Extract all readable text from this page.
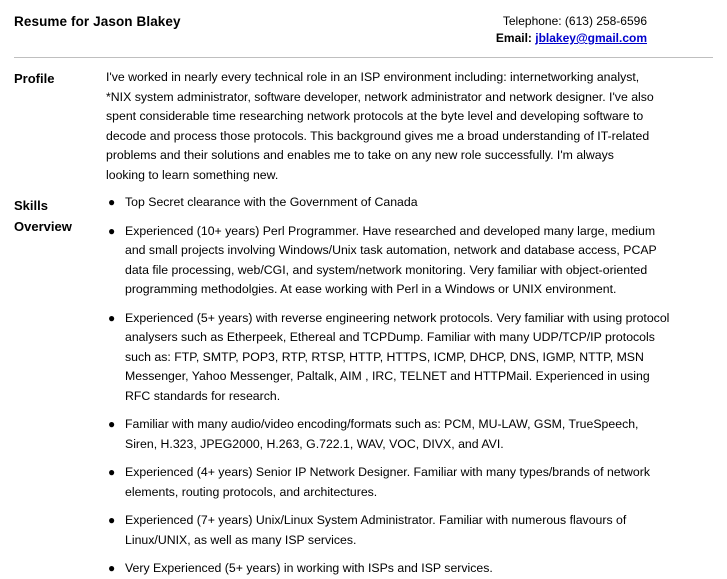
Resume for Jason Blakey	Telephone: (613) 258-6596
Email: jblakey@gmail.com
Profile	I've worked in nearly every technical role in an ISP environment including: internetworking analyst, *NIX system administrator, software developer, network administrator and network designer. I've also spent considerable time researching network protocols at the byte level and developing software to decode and process those protocols. This background gives me a broad understanding of IT-related problems and their solutions and enables me to take on any new role successfully. I'm always looking to learn something new.

Skills
Overview
● Top Secret clearance with the Government of Canada
● Experienced (10+ years) Perl Programmer. Have researched and developed many large, medium and small projects involving Windows/Unix task automation, network and database access, PCAP data file processing, web/CGI, and system/network monitoring. Very familiar with object-oriented programming methodolgies. At ease working with Perl in a Windows or UNIX environment.
● Experienced (5+ years) with reverse engineering network protocols. Very familiar with using protocol analysers such as Etherpeek, Ethereal and TCPDump. Familiar with many UDP/TCP/IP protocols such as: FTP, SMTP, POP3, RTP, RTSP, HTTP, HTTPS, ICMP, DHCP, DNS, IGMP, NTTP, MSN Messenger, Yahoo Messenger, Paltalk, AIM , IRC, TELNET and HTTPMail. Experienced in using RFC standards for research.
● Familiar with many audio/video encoding/formats such as: PCM, MU-LAW, GSM, TrueSpeech, Siren, H.323, JPEG2000, H.263, G.722.1, WAV, VOC, DIVX, and AVI.
● Experienced (4+ years) Senior IP Network Designer. Familiar with many types/brands of network elements, routing protocols, and architectures.
● Experienced (7+ years) Unix/Linux System Administrator. Familiar with numerous flavours of Linux/UNIX, as well as many ISP services.
● Very Experienced (5+ years) in working with ISPs and ISP services.
